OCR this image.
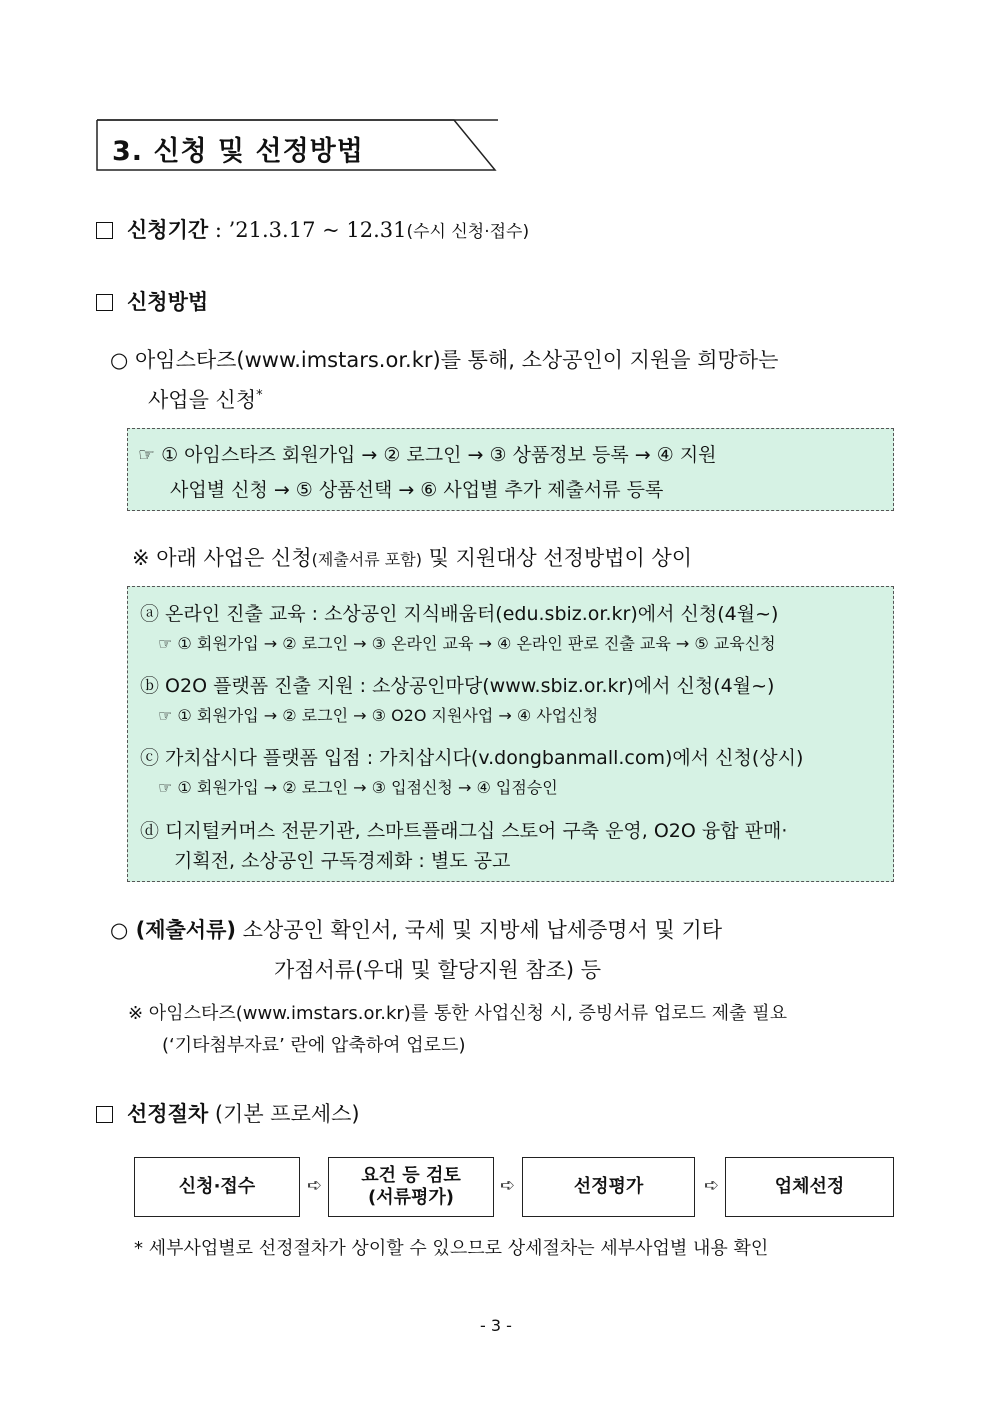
3. 신청 및 선정방법
신청기간 : ’21.3.17 ~ 12.31(수시 신청·접수)
신청방법
○ 아임스타즈(www.imstars.or.kr)를 통해, 소상공인이 지원을 희망하는
사업을 신청*
☞ ① 아임스타즈 회원가입 → ② 로그인 → ③ 상품정보 등록 → ④ 지원
사업별 신청 → ⑤ 상품선택 → ⑥ 사업별 추가 제출서류 등록
※ 아래 사업은 신청(제출서류 포함) 및 지원대상 선정방법이 상이
ⓐ 온라인 진출 교육 : 소상공인 지식배움터(edu.sbiz.or.kr)에서 신청(4월~)
☞ ① 회원가입 → ② 로그인 → ③ 온라인 교육 → ④ 온라인 판로 진출 교육 → ⑤ 교육신청
ⓑ O2O 플랫폼 진출 지원 : 소상공인마당(www.sbiz.or.kr)에서 신청(4월~)
☞ ① 회원가입 → ② 로그인 → ③ O2O 지원사업 → ④ 사업신청
ⓒ 가치삽시다 플랫폼 입점 : 가치삽시다(v.dongbanmall.com)에서 신청(상시)
☞ ① 회원가입 → ② 로그인 → ③ 입점신청 → ④ 입점승인
ⓓ 디지털커머스 전문기관, 스마트플래그십 스토어 구축 운영, O2O 융합 판매·
기획전, 소상공인 구독경제화 : 별도 공고
○ (제출서류) 소상공인 확인서, 국세 및 지방세 납세증명서 및 기타
가점서류(우대 및 할당지원 참조) 등
※ 아임스타즈(www.imstars.or.kr)를 통한 사업신청 시, 증빙서류 업로드 제출 필요
(‘기타첨부자료’ 란에 압축하여 업로드)
선정절차 (기본 프로세스)
신청·접수	➪ 요건 등 검토
(서류평가)
➪	선정평가	➪	업체선정
* 세부사업별로 선정절차가 상이할 수 있으므로 상세절차는 세부사업별 내용 확인
- 3 -
